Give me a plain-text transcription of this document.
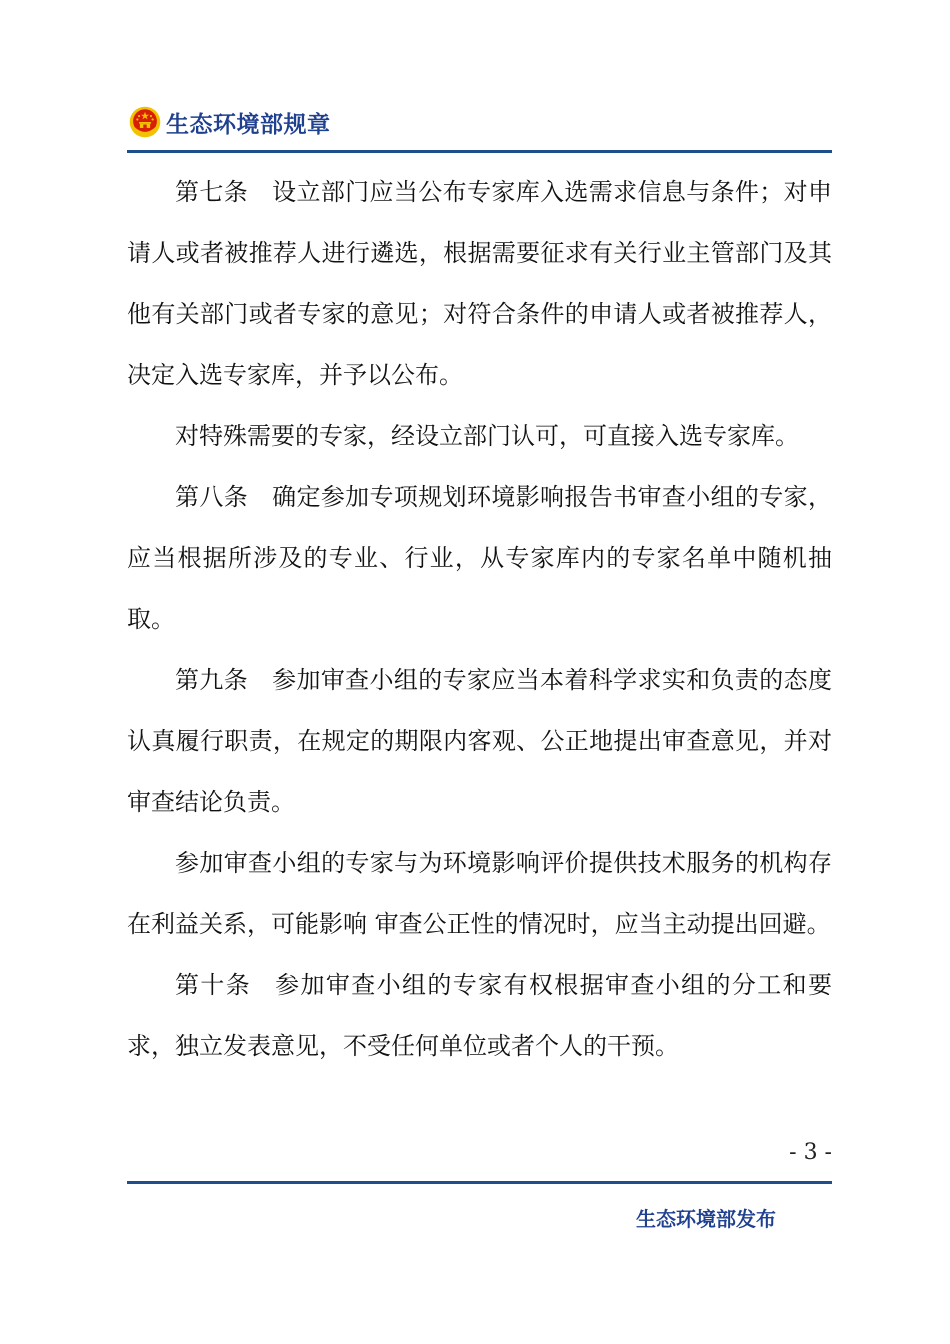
生态环境部规章

第七条 设立部门应当公布专家库入选需求信息与条件；对申请人或者被推荐人进行遴选，根据需要征求有关行业主管部门及其他有关部门或者专家的意见；对符合条件的申请人或者被推荐人，决定入选专家库，并予以公布。

对特殊需要的专家，经设立部门认可，可直接入选专家库。

第八条 确定参加专项规划环境影响报告书审查小组的专家，应当根据所涉及的专业、行业，从专家库内的专家名单中随机抽取。

第九条 参加审查小组的专家应当本着科学求实和负责的态度认真履行职责，在规定的期限内客观、公正地提出审查意见，并对审查结论负责。

参加审查小组的专家与为环境影响评价提供技术服务的机构存在利益关系，可能影响 审查公正性的情况时，应当主动提出回避。

第十条 参加审查小组的专家有权根据审查小组的分工和要求，独立发表意见，不受任何单位或者个人的干预。

- 3 -
生态环境部发布
